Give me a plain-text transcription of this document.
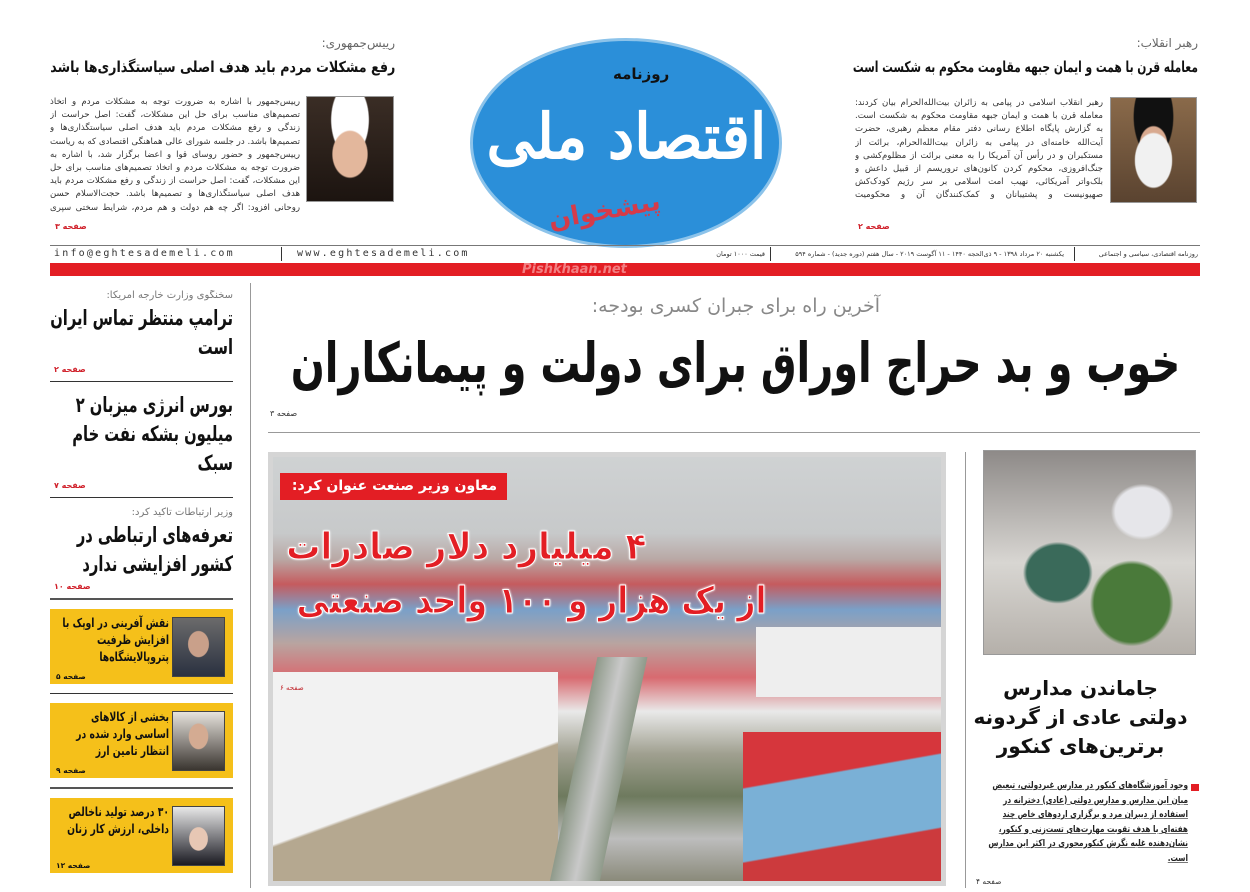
رییس‌جمهوری:
رفع مشکلات مردم باید هدف اصلی سیاستگذاری‌ها باشد
رییس‌جمهور با اشاره به ضرورت توجه به مشکلات مردم و اتخاذ تصمیم‌های مناسب برای حل این مشکلات، گفت: اصل حراست از زندگی و رفع مشکلات مردم باید هدف اصلی سیاستگذاری‌ها و تصمیم‌ها باشد. در جلسه شورای عالی هماهنگی اقتصادی که به ریاست رییس‌جمهور و حضور روسای قوا و اعضا برگزار شد، با اشاره به ضرورت توجه به مشکلات مردم و اتخاذ تصمیم‌های مناسب برای حل این مشکلات، گفت: اصل حراست از زندگی و رفع مشکلات مردم باید هدف اصلی سیاستگذاری‌ها و تصمیم‌ها باشد. حجت‌الاسلام حسن روحانی افزود: اگر چه هم دولت و هم مردم، شرایط سختی سپری
صفحه ۳
رهبر انقلاب:
معامله قرن با همت و ایمان جبهه مقاومت محکوم به شکست است
رهبر انقلاب اسلامی در پیامی به زائران بیت‌الله‌الحرام بیان کردند: معامله قرن با همت و ایمان جبهه مقاومت محکوم به شکست است. به گزارش پایگاه اطلاع رسانی دفتر مقام معظم رهبری، حضرت آیت‌الله خامنه‌ای در پیامی به زائران بیت‌الله‌الحرام، برائت از مستکبران و در رأس آن آمریکا را به معنی برائت از مظلوم‌کشی و جنگ‌افروزی، محکوم کردن کانون‌های تروریسم از قبیل داعش و بلک‌واتر آمریکائی، نهیب امت اسلامی بر سر رژیم کودک‌کش صهیونیست و پشتیبانان و کمک‌کنندگان آن و محکومیت
صفحه ۲
روزنامه
اقتصاد ملی
پیشخوان
info@eghtesademeli.com	www.eghtesademeli.com	قیمت ۱۰۰۰ تومان	یکشنبه ۲۰ مرداد ۱۳۹۸ - ۹ ذی‌الحجه ۱۴۴۰ - ۱۱ آگوست ۲۰۱۹ - سال هفتم (دوره جدید) - شماره ۵۹۴	روزنامه اقتصادی، سیاسی و اجتماعی
Pishkhaan.net
سخنگوی وزارت خارجه آمریکا:
ترامپ منتظر تماس ایران است
صفحه ۲
بورس انرژی میزبان ۲ میلیون بشکه نفت خام سبک
صفحه ۷
وزیر ارتباطات تاکید کرد:
تعرفه‌های ارتباطی در کشور افزایشی ندارد
صفحه ۱۰
نقش آفرینی در اوپک با افزایش ظرفیت پتروپالایشگاه‌ها
صفحه ۵
بخشی از کالاهای اساسی وارد شده در انتظار تامین ارز
صفحه ۹
۳۰ درصد تولید ناخالص داخلی، ارزش کار زنان
صفحه ۱۲
آخرین راه برای جبران کسری بودجه:
خوب و بد حراج اوراق برای دولت و پیمانکاران
صفحه ۳
معاون وزیر صنعت عنوان کرد:
۴ میلیارد دلار صادرات
از یک هزار و ۱۰۰ واحد صنعتی
صفحه ۶	جاماندن مدارس
دولتی عادی از گردونه
برترین‌های کنکور
وجود آموزشگاه‌های کنکور در مدارس غیردولتی، تبعیض میان این مدارس و مدارس دولتی (عادی) دخترانه در استفاده از دبیران مرد و برگزاری اردوهای خاص چند هفته‌ای با هدف تقویت مهارت‌های تست‌زنی و کنکور، نشان‌دهنده غلبه نگرش کنکورمحوری در اکثر این مدارس است.
صفحه ۴
